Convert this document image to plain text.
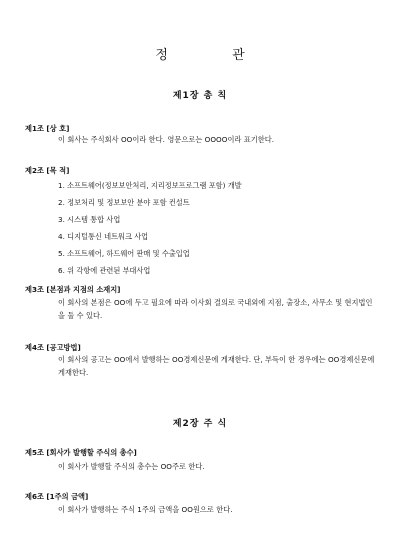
정 관
제1장 총 칙
제1조 [상 호]
이 회사는 주식회사 OO이라 한다. 영문으로는 OOOO이라 표기한다.
제2조 [목 적]
1. 소프트웨어(정보보안처리, 지리정보프로그램 포함) 개발
2. 정보처리 및 정보보안 분야 포함 컨설트
3. 시스템 통합 사업
4. 디지털통신 네트워크 사업
5. 소프트웨어, 하드웨어 판매 및 수출입업
6. 위 각항에 관련된 부대사업
제3조 [본점과 지점의 소재지]
이 회사의 본점은 OO에 두고 필요에 따라 이사회 결의로 국내외에 지점, 출장소, 사무소 및 현지법인을 둘 수 있다.
제4조 [공고방법]
이 회사의 공고는 OO에서 발행하는 OO경제신문에 게재한다. 단, 부득이 한 경우에는 OO경제신문에 게재한다.
제2장 주 식
제5조 [회사가 발행할 주식의 총수]
이 회사가 발행할 주식의 총수는 OO주로 한다.
제6조 [1주의 금액]
이 회사가 발행하는 주식 1주의 금액을 OO원으로 한다.
